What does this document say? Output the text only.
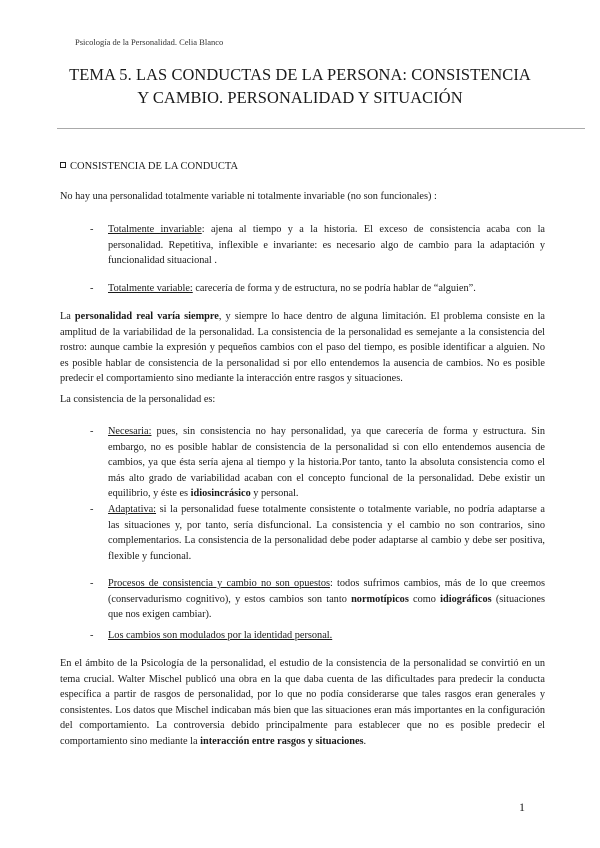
Psicología de la Personalidad. Celia Blanco
TEMA 5. LAS CONDUCTAS DE LA PERSONA: CONSISTENCIA
Y CAMBIO. PERSONALIDAD Y SITUACIÓN
CONSISTENCIA DE LA CONDUCTA

No hay una personalidad totalmente variable ni totalmente invariable (no son funcionales) :

- Totalmente invariable: ajena al tiempo y a la historia. El exceso de consistencia acaba con la personalidad. Repetitiva, inflexible e invariante: es necesario algo de cambio para la adaptación y funcionalidad situacional .
- Totalmente variable: carecería de forma y de estructura, no se podría hablar de “alguien”.

La personalidad real varía siempre, y siempre lo hace dentro de alguna limitación. El problema consiste en la amplitud de la variabilidad de la personalidad. La consistencia de la personalidad es semejante a la consistencia del rostro: aunque cambie la expresión y pequeños cambios con el paso del tiempo, es posible identificar a alguien. No es posible hablar de consistencia de la personalidad si por ello entendemos la ausencia de cambios. No es posible predecir el comportamiento sino mediante la interacción entre rasgos y situaciones.

La consistencia de la personalidad es:

- Necesaria: pues, sin consistencia no hay personalidad, ya que carecería de forma y estructura. Sin embargo, no es posible hablar de consistencia de la personalidad si con ello entendemos ausencia de cambios, ya que ésta sería ajena al tiempo y la historia.Por tanto, tanto la absoluta consistencia como el más alto grado de variabilidad acaban con el concepto funcional de la personalidad. Debe existir un equilibrio, y éste es idiosincrásico y personal.
- Adaptativa: si la personalidad fuese totalmente consistente o totalmente variable, no podría adaptarse a las situaciones y, por tanto, sería disfuncional. La consistencia y el cambio no son contrarios, sino complementarios. La consistencia de la personalidad debe poder adaptarse al cambio y debe ser positiva, flexible y funcional.
- Procesos de consistencia y cambio no son opuestos: todos sufrimos cambios, más de lo que creemos (conservadurismo cognitivo), y estos cambios son tanto normotípicos como idiográficos (situaciones que nos exigen cambiar).
- Los cambios son modulados por la identidad personal.

En el ámbito de la Psicología de la personalidad, el estudio de la consistencia de la personalidad se convirtió en un tema crucial. Walter Mischel publicó una obra en la que daba cuenta de las dificultades para predecir la conducta específica a partir de rasgos de personalidad, por lo que no podía considerarse que tales rasgos eran generales y consistentes. Los datos que Mischel indicaban más bien que las situaciones eran más importantes en la configuración del comportamiento. La controversia debido principalmente para establecer que no es posible predecir el comportamiento sino mediante la interacción entre rasgos y situaciones.

1
